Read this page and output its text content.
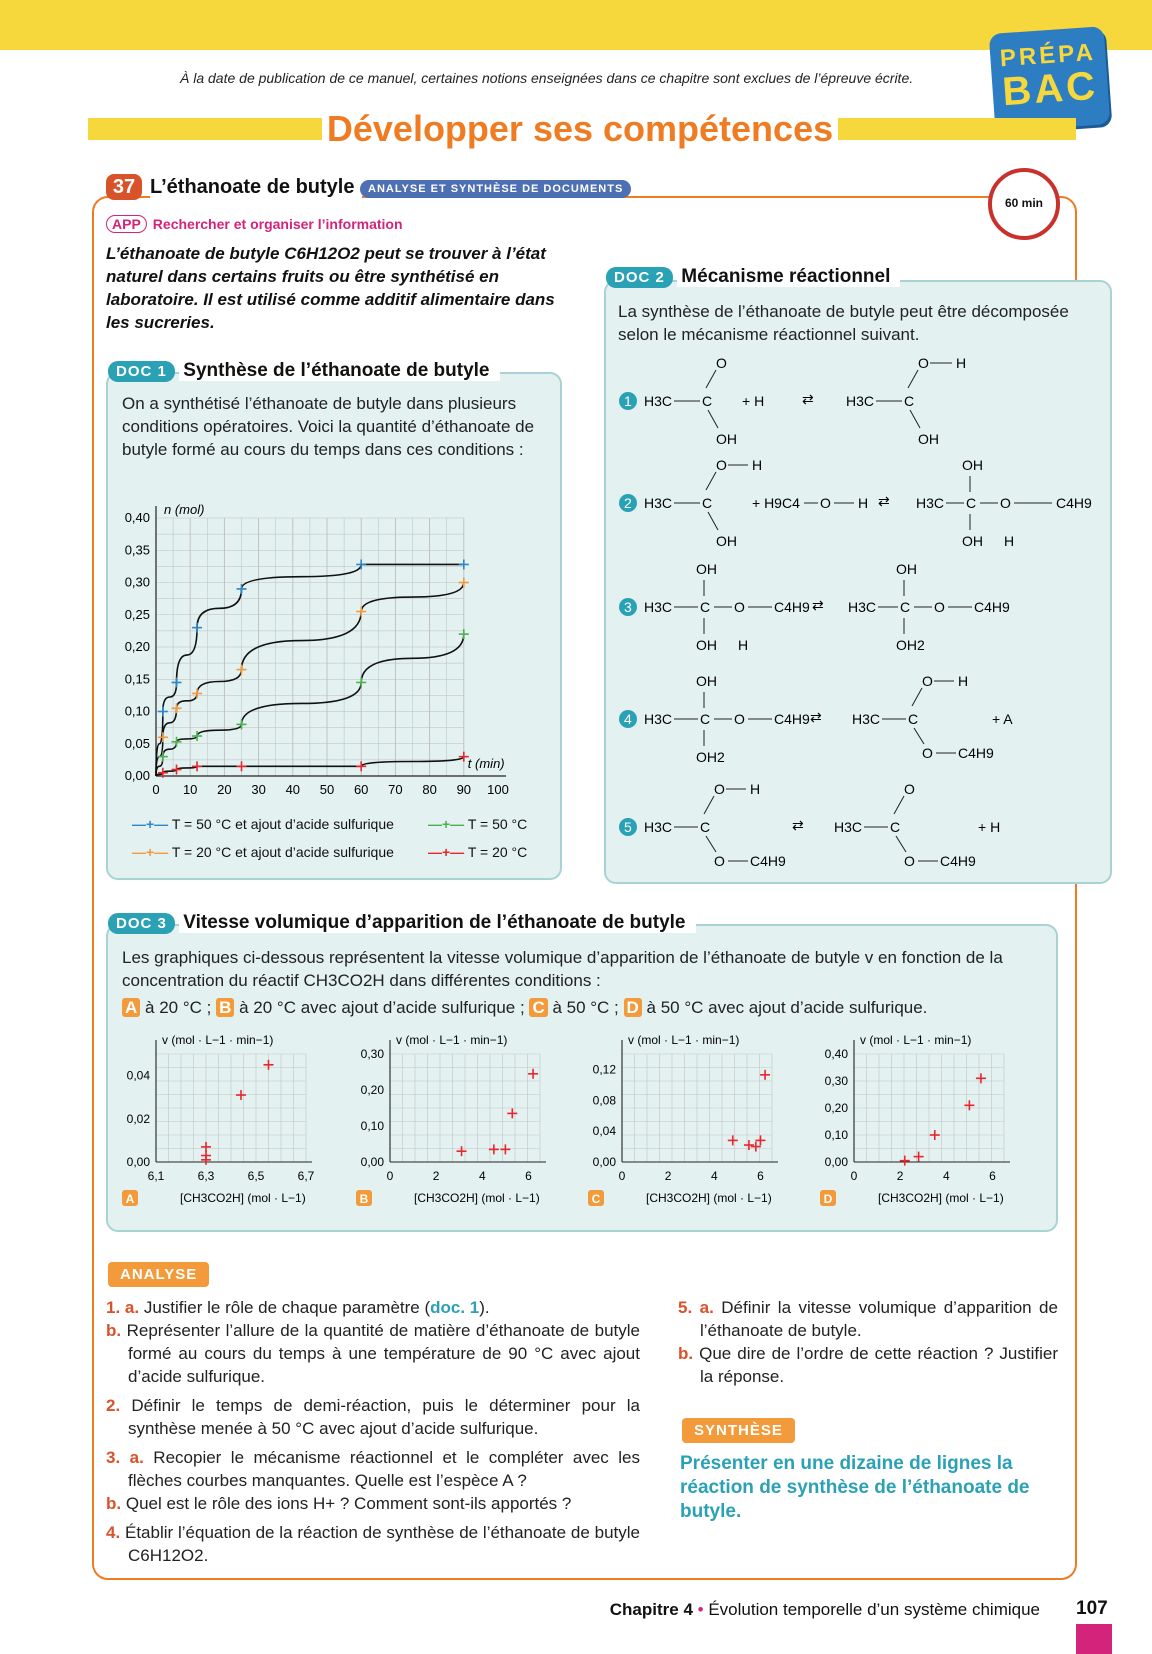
À la date de publication de ce manuel, certaines notions enseignées dans ce chapitre sont exclues de l’épreuve écrite.
PRÉPA
BAC
Développer ses compétences
37 L’éthanoate de butyle	ANALYSE ET SYNTHÈSE DE DOCUMENTS
60 min
APP Rechercher et organiser l’information
L’éthanoate de butyle C6H12O2 peut se trouver à l’état naturel dans certains fruits ou être synthétisé en laboratoire. Il est utilisé comme additif alimentaire dans les sucreries.
DOC 1 Synthèse de l’éthanoate de butyle
On a synthétisé l’éthanoate de butyle dans plusieurs conditions opératoires. Voici la quantité d’éthanoate de butyle formé au cours du temps dans ces conditions :
0 10 20 30 40 50 60 70 80 90 100
0,00
0,05
0,10
0,15
0,20
0,25
0,30
0,35
0,40
n (mol)
t (min)
—+— T = 50 °C et ajout d’acide sulfurique —+— T = 50 °C
—+— T = 20 °C et ajout d’acide sulfurique —+— T = 20 °C
DOC 2 Mécanisme réactionnel
La synthèse de l’éthanoate de butyle peut être décomposée selon le mécanisme réactionnel suivant.
1 H3C C
O
OH
+ H	⇄ H3C C
O H
OH
2 H3C C
O H
OH
+ H9C4 O H ⇄ H3C C
OH
OH
O	C4H9
H
3 H3C C
OH
OH
O C4H9
H
⇄ H3C C
OH
OH2
O C4H9
4 H3C C
OH
OH2
O C4H9 ⇄ H3C C
O H
O C4H9
+ A
5 H3C C
O H
O C4H9
⇄ H3C C
O
O C4H9
+ H
DOC 3 Vitesse volumique d’apparition de l’éthanoate de butyle
Les graphiques ci-dessous représentent la vitesse volumique d’apparition de l’éthanoate de butyle v en fonction de la concentration du réactif CH3CO2H dans différentes conditions :
A à 20 °C ; B à 20 °C avec ajout d’acide sulfurique ; C à 50 °C ; D à 50 °C avec ajout d’acide sulfurique.
6,1	6,3	6,5	6,7
0,00
0,02
0,04
v (mol · L−1 · min−1)
[CH3CO2H] (mol · L−1)
A
0	2	4	6
0,00
0,10
0,20
0,30
v (mol · L−1 · min−1)
[CH3CO2H] (mol · L−1)
B
0	2	4	6
0,00
0,04
0,08
0,12
v (mol · L−1 · min−1)
[CH3CO2H] (mol · L−1)
C
0	2	4	6
0,00
0,10
0,20
0,30
0,40
v (mol · L−1 · min−1)
[CH3CO2H] (mol · L−1)
D
ANALYSE
1. a. Justifier le rôle de chaque paramètre (doc. 1).
b. Représenter l’allure de la quantité de matière d’éthanoate de butyle formé au cours du temps à une température de 90 °C avec ajout d’acide sulfurique.
2. Définir le temps de demi-réaction, puis le déterminer pour la synthèse menée à 50 °C avec ajout d’acide sulfurique.
3. a. Recopier le mécanisme réactionnel et le compléter avec les flèches courbes manquantes. Quelle est l’espèce A ?
b. Quel est le rôle des ions H+ ? Comment sont-ils apportés ?
4. Établir l’équation de la réaction de synthèse de l’éthanoate de butyle C6H12O2.
5. a. Définir la vitesse volumique d’apparition de l’éthanoate de butyle.
b. Que dire de l’ordre de cette réaction ? Justifier la réponse.
SYNTHÈSE
Présenter en une dizaine de lignes la réaction de synthèse de l’éthanoate de butyle.
Chapitre 4 • Évolution temporelle d’un système chimique 107
